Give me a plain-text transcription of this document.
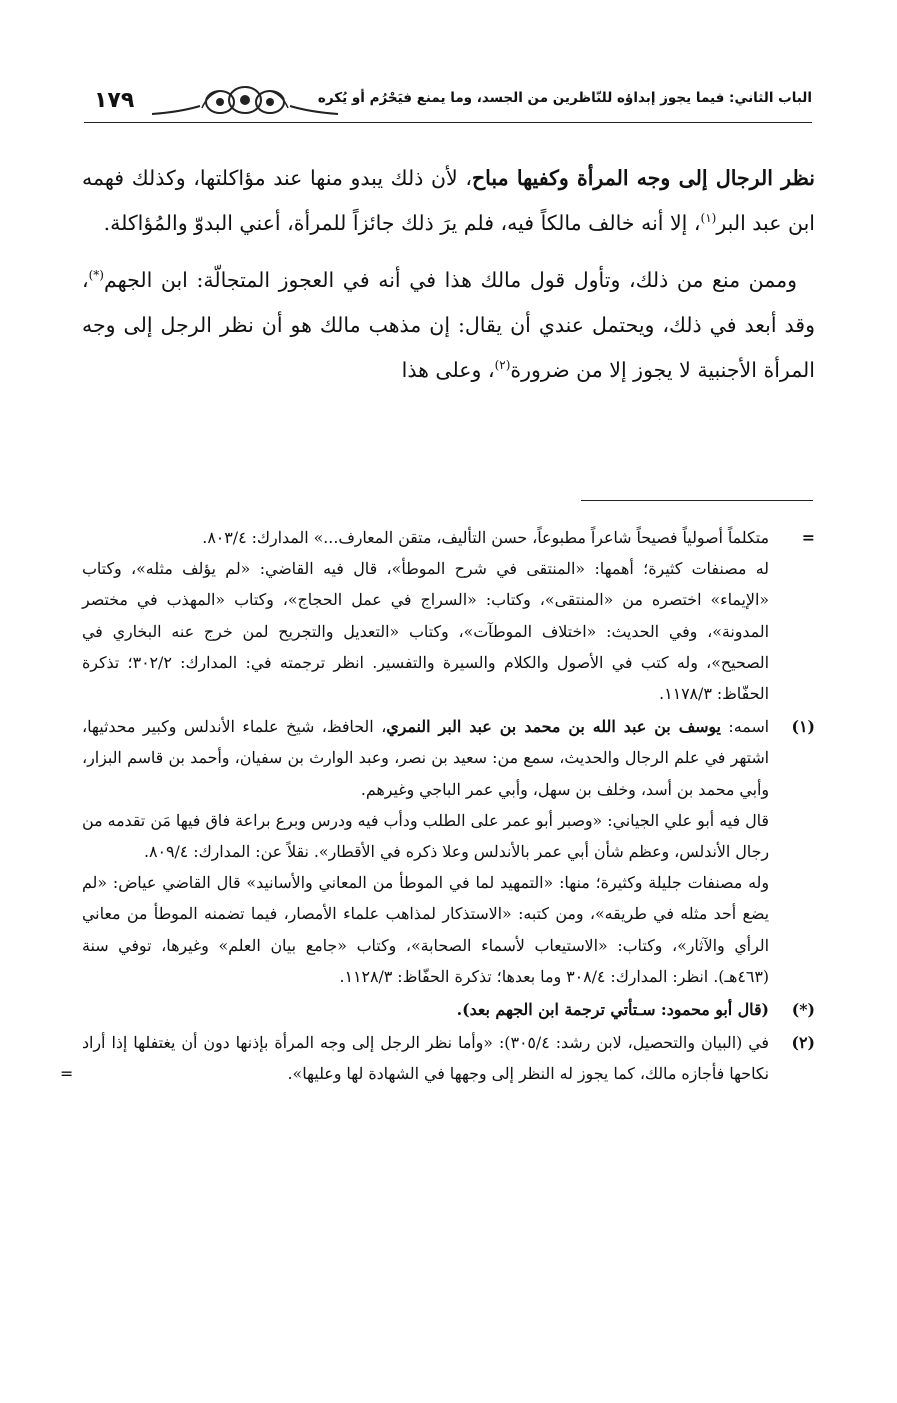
١٧٩	الباب الثاني: فيما يجوز إبداؤه للنّاظرين من الجسد، وما يمنع فيَحْرُم أو يُكره

نظر الرجال إلى وجه المرأة وكفيها مباح، لأن ذلك يبدو منها عند مؤاكلتها، وكذلك فهمه ابن عبد البر$^{(١)}$، إلا أنه خالف مالكاً فيه، فلم يرَ ذلك جائزاً للمرأة، أعني البدوّ والمُؤاكلة.

وممن منع من ذلك، وتأول قول مالك هذا في أنه في العجوز المتجالّة: ابن الجهم(*)، وقد أبعد في ذلك، ويحتمل عندي أن يقال: إن مذهب مالك هو أن نظر الرجل إلى وجه المرأة الأجنبية لا يجوز إلا من ضرورة$^{(٢)}$، وعلى هذا

=

متكلماً أصولياً فصيحاً شاعراً مطبوعاً، حسن التأليف، متقن المعارف...» المدارك: ٨٠٣/٤.

له مصنفات كثيرة؛ أهمها: «المنتقى في شرح الموطأ»، قال فيه القاضي: «لم يؤلف مثله»، وكتاب «الإيماء» اختصره من «المنتقى»، وكتاب: «السراج في عمل الحجاج»، وكتاب «المهذب في مختصر المدونة»، وفي الحديث: «اختلاف الموطآت»، وكتاب «التعديل والتجريح لمن خرج عنه البخاري في الصحيح»، وله كتب في الأصول والكلام والسيرة والتفسير. انظر ترجمته في: المدارك: ٣٠٢/٢؛ تذكرة الحفّاظ: ١١٧٨/٣.

(١)

اسمه: يوسف بن عبد الله بن محمد بن عبد البر النمري، الحافظ، شيخ علماء الأندلس وكبير محدثيها، اشتهر في علم الرجال والحديث، سمع من: سعيد بن نصر، وعبد الوارث بن سفيان، وأحمد بن قاسم البزار، وأبي محمد بن أسد، وخلف بن سهل، وأبي عمر الباجي وغيرهم.

قال فيه أبو علي الجياني: «وصبر أبو عمر على الطلب ودأب فيه ودرس وبرع براعة فاق فيها مَن تقدمه من رجال الأندلس، وعظم شأن أبي عمر بالأندلس وعلا ذكره في الأقطار». نقلاً عن: المدارك: ٨٠٩/٤.

وله مصنفات جليلة وكثيرة؛ منها: «التمهيد لما في الموطأ من المعاني والأسانيد» قال القاضي عياض: «لم يضع أحد مثله في طريقه»، ومن كتبه: «الاستذكار لمذاهب علماء الأمصار، فيما تضمنه الموطأ من معاني الرأي والآثار»، وكتاب: «الاستيعاب لأسماء الصحابة»، وكتاب «جامع بيان العلم» وغيرها، توفي سنة (٤٦٣هـ). انظر: المدارك: ٣٠٨/٤ وما بعدها؛ تذكرة الحفّاظ: ١١٢٨/٣.

(*)

(قال أبو محمود: سـتأتي ترجمة ابن الجهم بعد).

(٢)

في (البيان والتحصيل، لابن رشد: ٣٠٥/٤): «وأما نظر الرجل إلى وجه المرأة بإذنها دون أن يغتفلها إذا أراد نكاحها فأجازه مالك، كما يجوز له النظر إلى وجهها في الشهادة لها وعليها».
=
